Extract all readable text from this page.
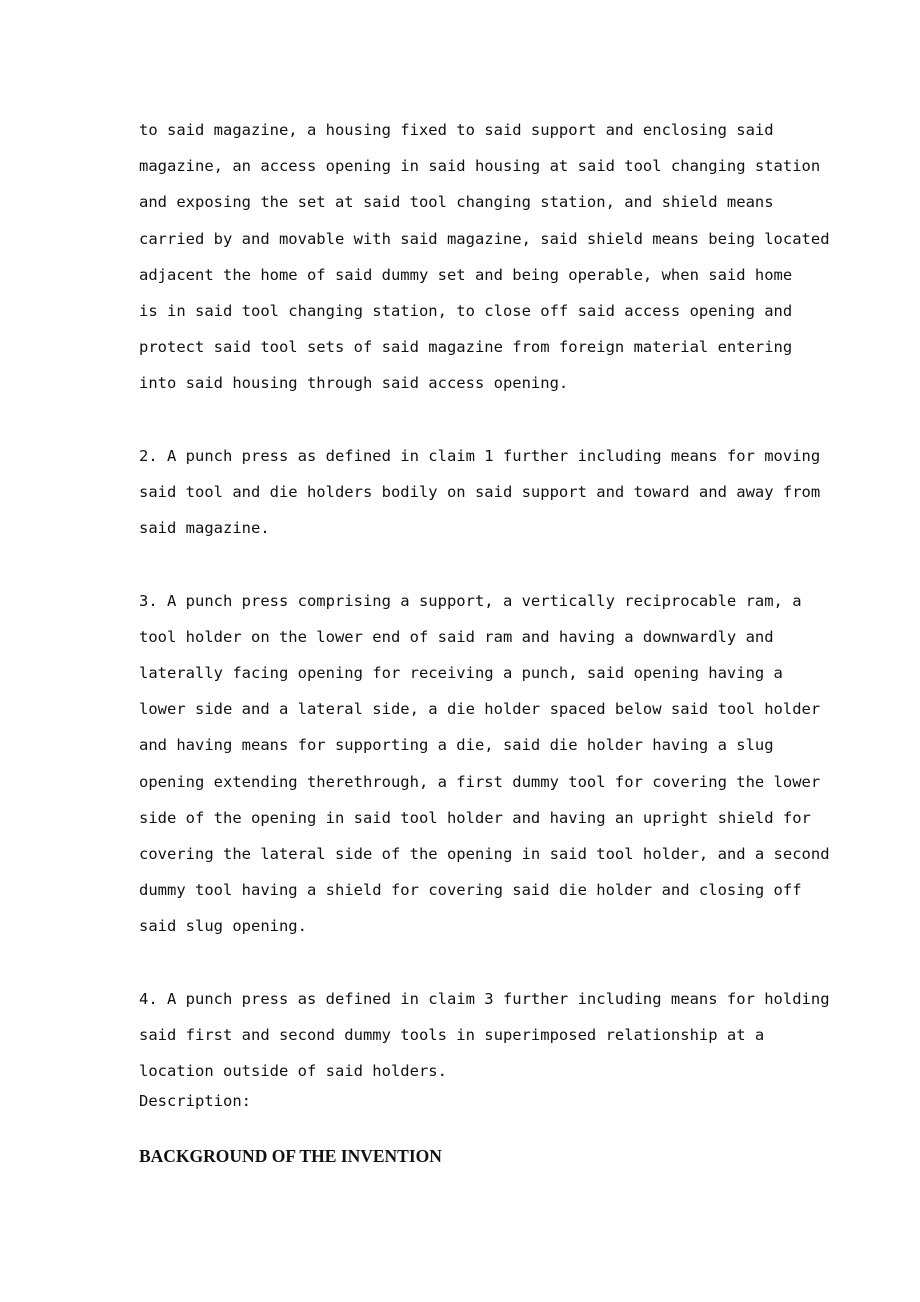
to said magazine, a housing fixed to said support and enclosing said
magazine, an access opening in said housing at said tool changing station
and exposing the set at said tool changing station, and shield means
carried by and movable with said magazine, said shield means being located
adjacent the home of said dummy set and being operable, when said home
is in said tool changing station, to close off said access opening and
protect said tool sets of said magazine from foreign material entering
into said housing through said access opening.
2. A punch press as defined in claim 1 further including means for moving
said tool and die holders bodily on said support and toward and away from
said magazine.
3. A punch press comprising a support, a vertically reciprocable ram, a
tool holder on the lower end of said ram and having a downwardly and
laterally facing opening for receiving a punch, said opening having a
lower side and a lateral side, a die holder spaced below said tool holder
and having means for supporting a die, said die holder having a slug
opening extending therethrough, a first dummy tool for covering the lower
side of the opening in said tool holder and having an upright shield for
covering the lateral side of the opening in said tool holder, and a second
dummy tool having a shield for covering said die holder and closing off
said slug opening.
4. A punch press as defined in claim 3 further including means for holding
said first and second dummy tools in superimposed relationship at a
location outside of said holders.

Description:

BACKGROUND OF THE INVENTION
